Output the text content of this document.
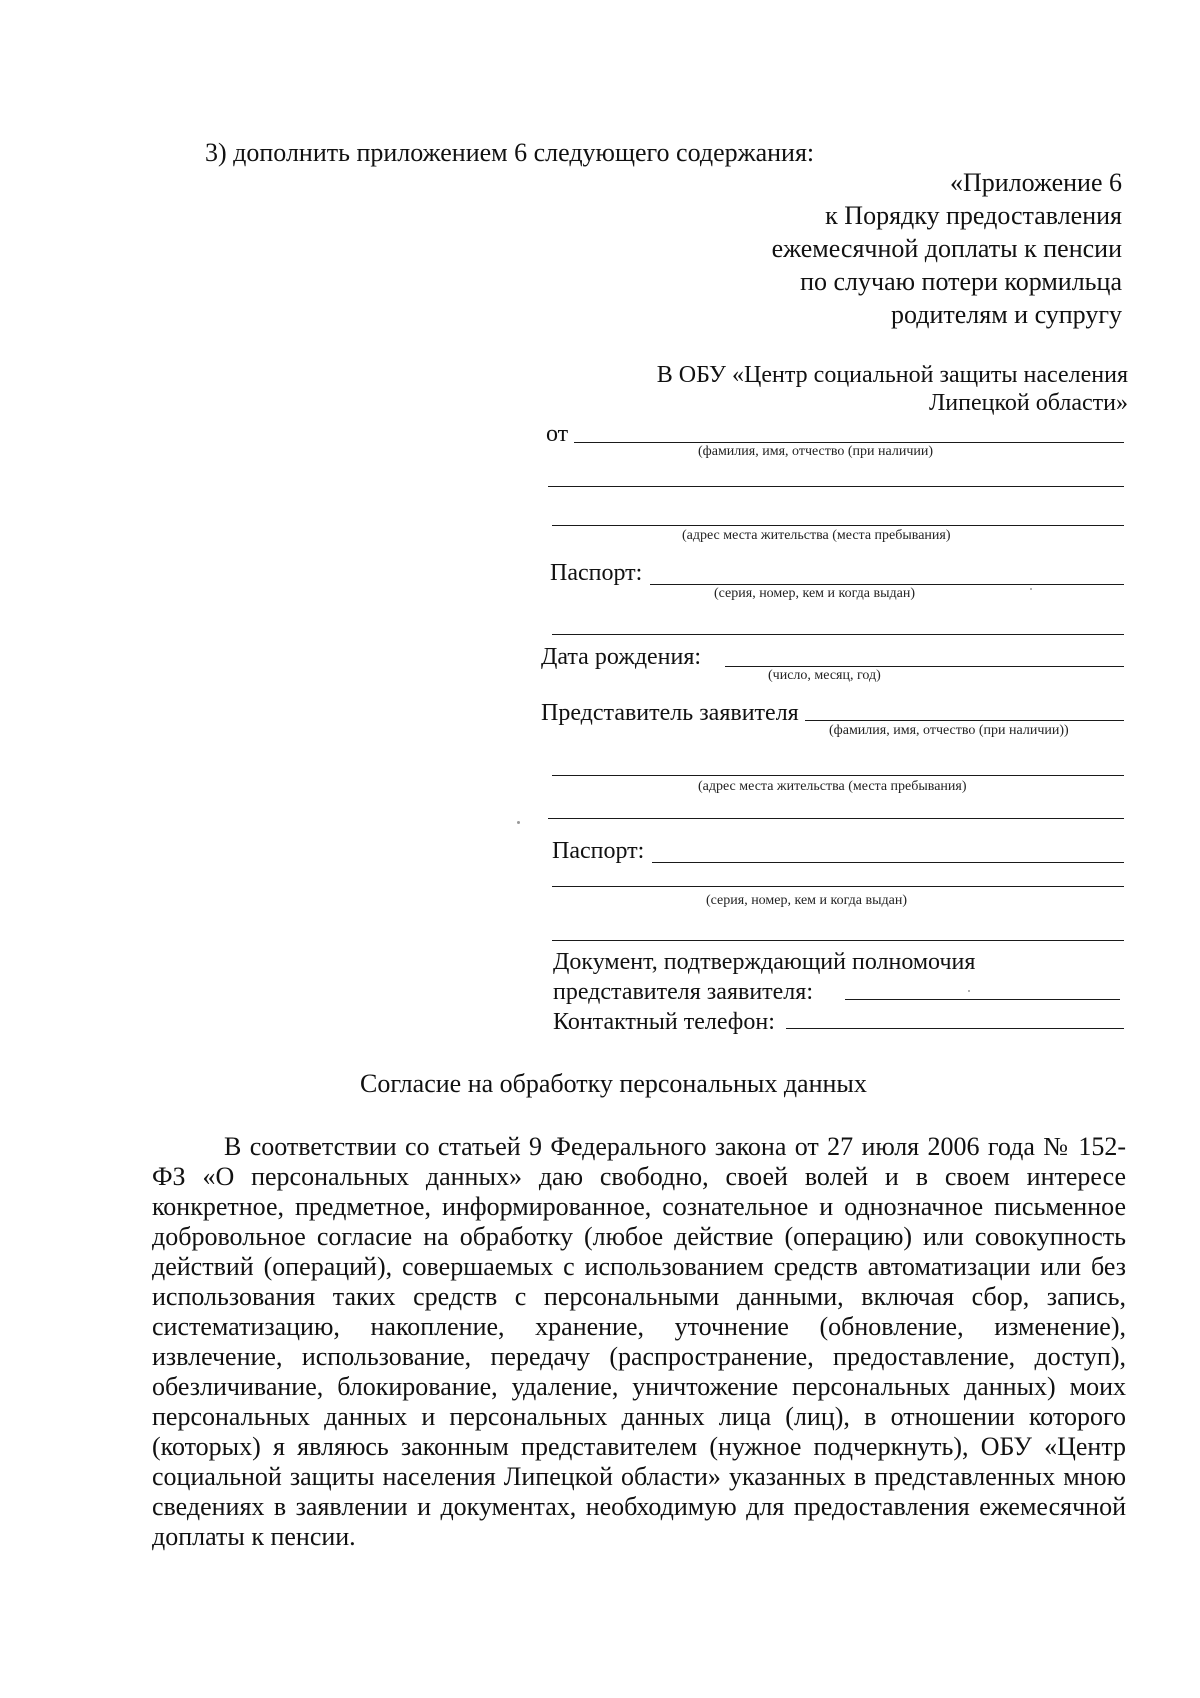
3) дополнить приложением 6 следующего содержания:
«Приложение 6
к Порядку предоставления
ежемесячной доплаты к пенсии
по случаю потери кормильца
родителям и супругу
В ОБУ «Центр социальной защиты населения
Липецкой области»
от
(фамилия, имя, отчество (при наличии)
(адрес места жительства (места пребывания)
Паспорт:
(серия, номер, кем и когда выдан)
Дата рождения:
(число, месяц, год)
Представитель заявителя
(фамилия, имя, отчество (при наличии))
(адрес места жительства (места пребывания)
Паспорт:
(серия, номер, кем и когда выдан)
Документ, подтверждающий полномочия
представителя заявителя:
Контактный телефон:
Согласие на обработку персональных данных

В соответствии со статьей 9 Федерального закона от 27 июля 2006 года № 152-ФЗ «О персональных данных» даю свободно, своей волей и в своем интересе конкретное, предметное, информированное, сознательное и однозначное письменное добровольное согласие на обработку (любое действие (операцию) или совокупность действий (операций), совершаемых с использованием средств автоматизации или без использования таких средств с персональными данными, включая сбор, запись, систематизацию, накопление, хранение, уточнение (обновление, изменение), извлечение, использование, передачу (распространение, предоставление, доступ), обезличивание, блокирование, удаление, уничтожение персональных данных) моих персональных данных и персональных данных лица (лиц), в отношении которого (которых) я являюсь законным представителем (нужное подчеркнуть), ОБУ «Центр социальной защиты населения Липецкой области» указанных в представленных мною сведениях в заявлении и документах, необходимую для предоставления ежемесячной доплаты к пенсии.
